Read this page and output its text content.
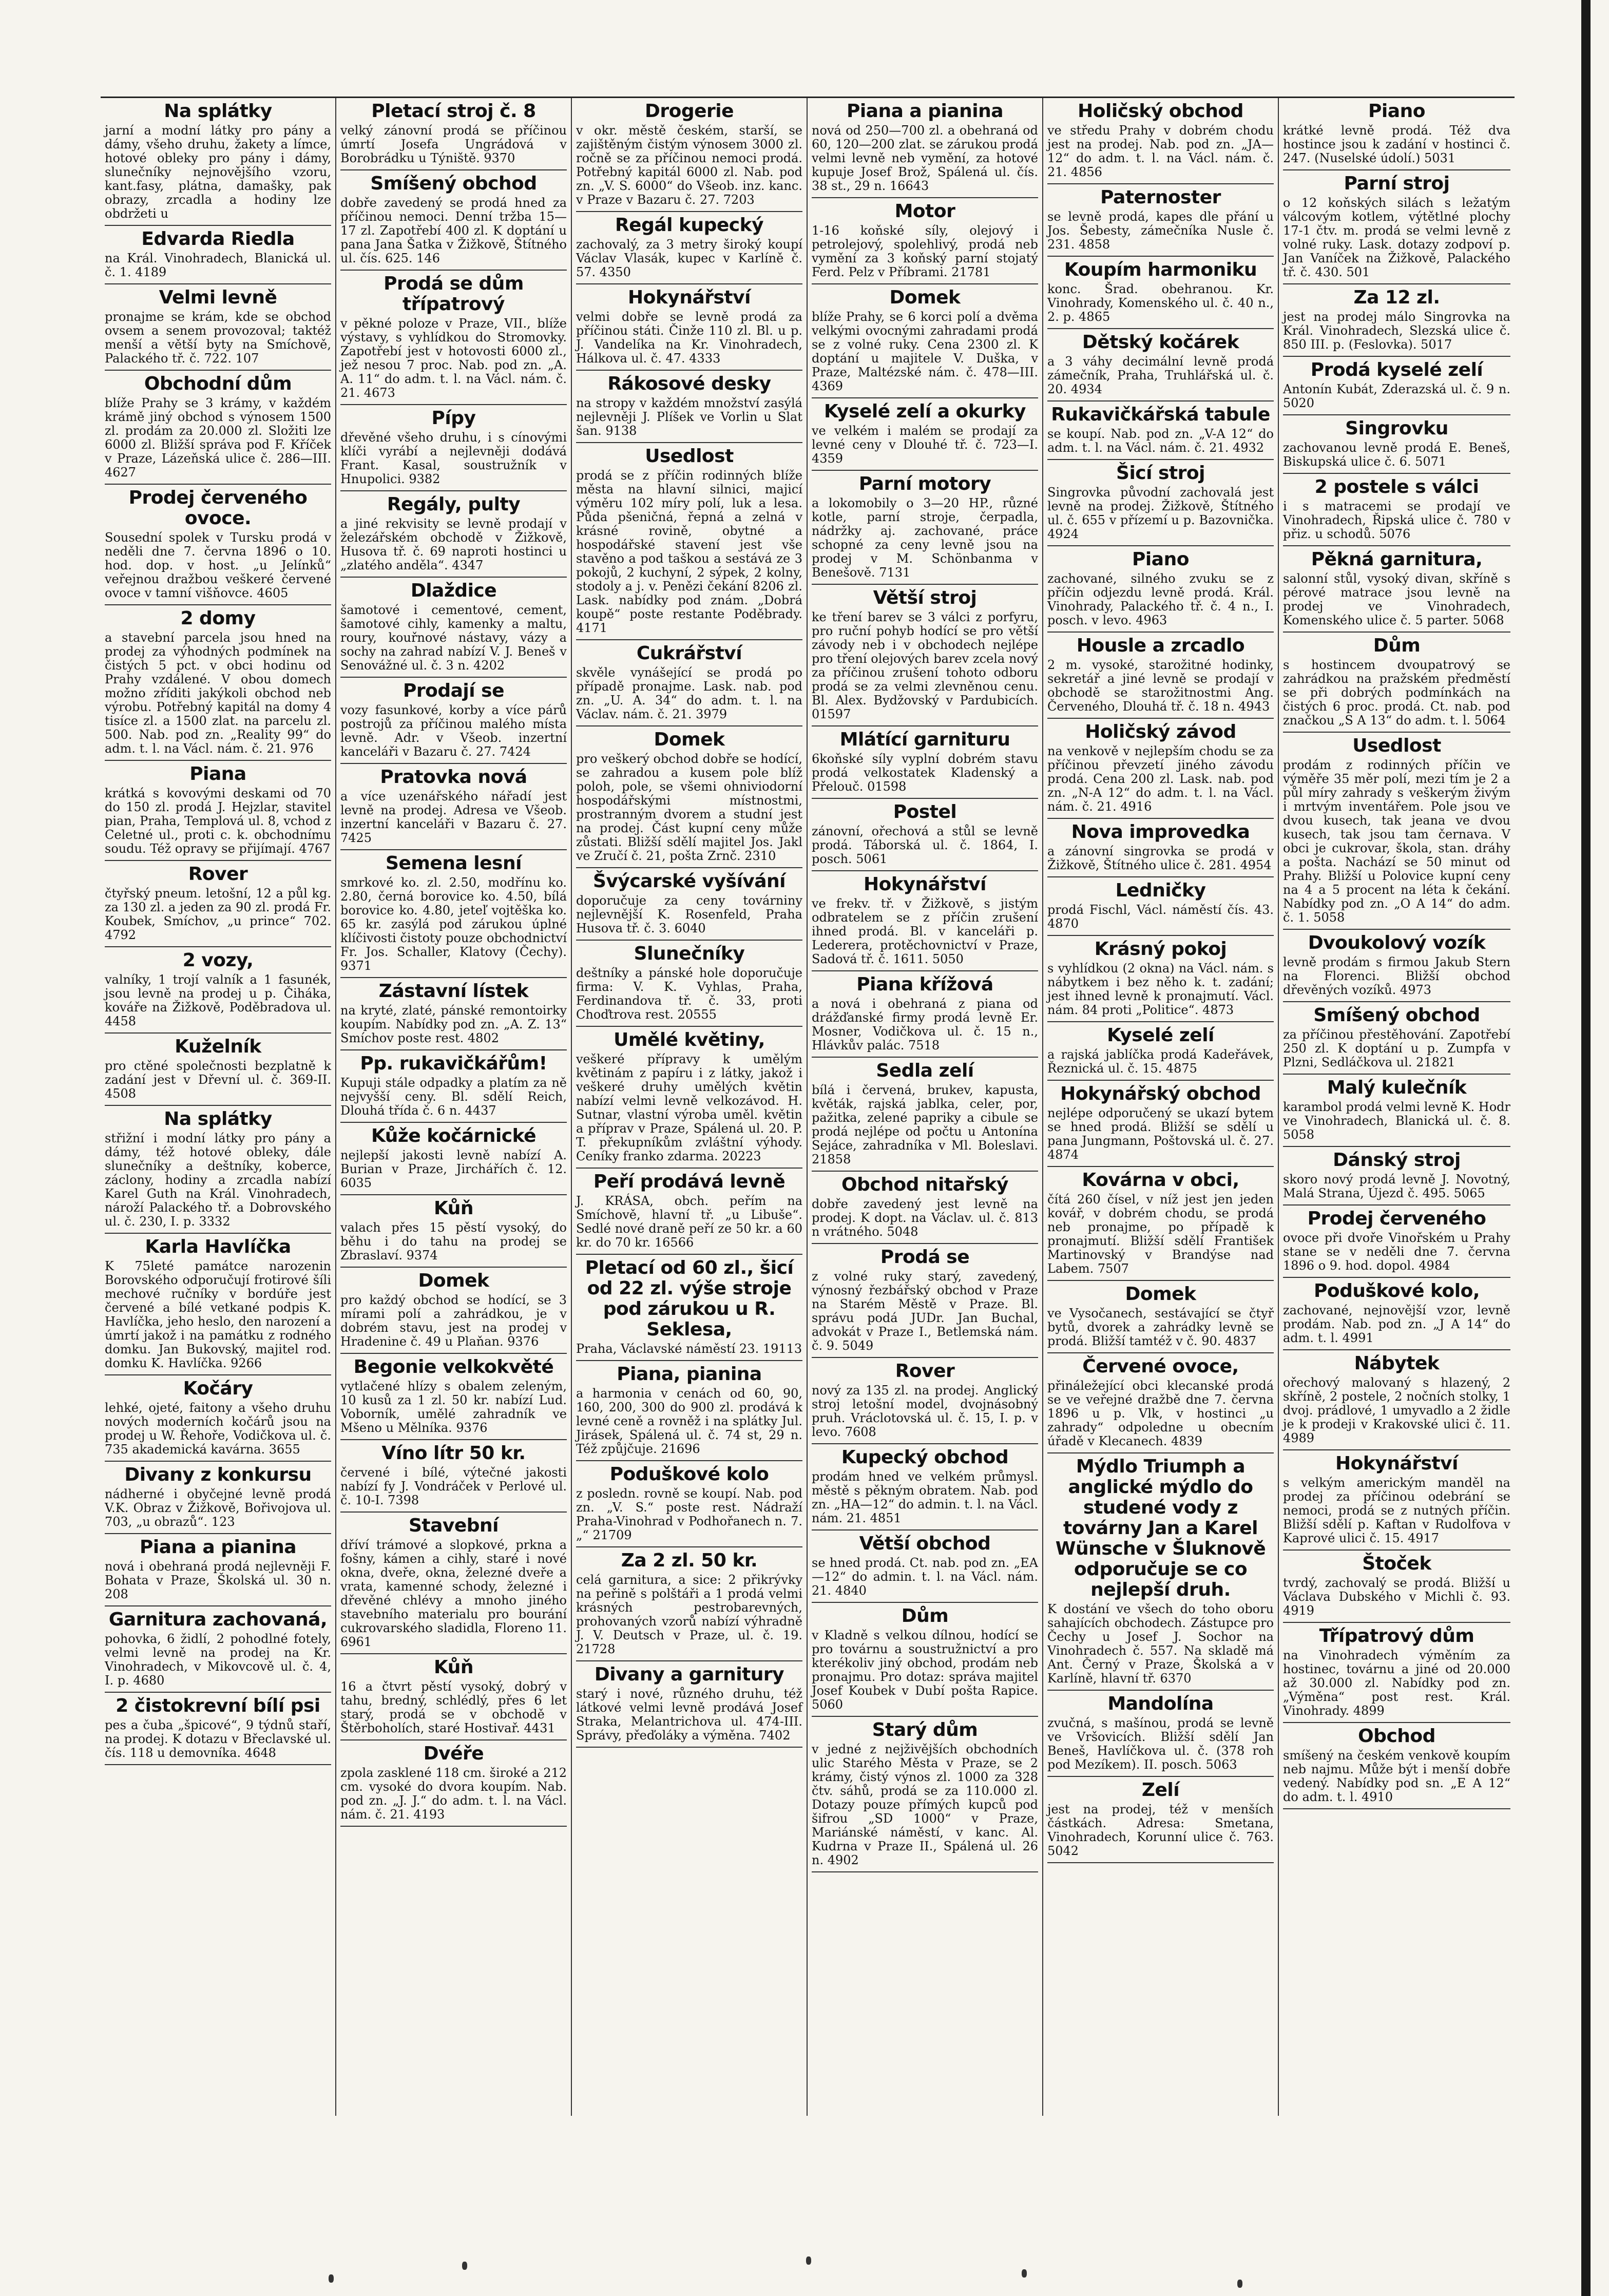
Na splátky

jarní a modní látky pro pány a dámy, všeho druhu, žakety a límce, hotové obleky pro pány i dámy, slunečníky nejnovějšího vzoru, kant.fasy, plátna, damašky, pak obrazy, zrcadla a hodiny lze obdržeti u

Edvarda Riedla

na Král. Vinohradech, Blanická ul. č. 1. 4189

Velmi levně

pronajme se krám, kde se obchod ovsem a senem provozoval; taktéž menší a větší byty na Smíchově, Palackého tř. č. 722. 107

Obchodní dům

blíže Prahy se 3 krámy, v každém krámě jiný obchod s výnosem 1500 zl. prodám za 20.000 zl. Složiti lze 6000 zl. Bližší správa pod F. Kříček v Praze, Lázeňská ulice č. 286—III. 4627

Prodej červeného ovoce.

Sousední spolek v Tursku prodá v neděli dne 7. června 1896 o 10. hod. dop. v host. „u Jelínků“ veřejnou dražbou veškeré červené ovoce v tamní višňovce. 4605

2 domy

a stavební parcela jsou hned na prodej za výhodných podmínek na čistých 5 pct. v obci hodinu od Prahy vzdálené. V obou domech možno zříditi jakýkoli obchod neb výrobu. Potřebný kapitál na domy 4 tisíce zl. a 1500 zlat. na parcelu zl. 500. Nab. pod zn. „Reality 99“ do adm. t. l. na Václ. nám. č. 21. 976

Piana

krátká s kovovými deskami od 70 do 150 zl. prodá J. Hejzlar, stavitel pian, Praha, Templová ul. 8, vchod z Celetné ul., proti c. k. obchodnímu soudu. Též opravy se přijímají. 4767

Rover

čtyřský pneum. letošní, 12 a půl kg. za 130 zl. a jeden za 90 zl. prodá Fr. Koubek, Smíchov, „u prince“ 702. 4792

2 vozy,

valníky, 1 trojí valník a 1 fasunék, jsou levně na prodej u p. Čiháka, kováře na Žižkově, Poděbradova ul. 4458

Kuželník

pro ctěné společnosti bezplatně k zadání jest v Dřevní ul. č. 369-II. 4508

Na splátky

střižní i modní látky pro pány a dámy, též hotové obleky, dále slunečníky a deštníky, koberce, záclony, hodiny a zrcadla nabízí Karel Guth na Král. Vinohradech, nároží Palackého tř. a Dobrovského ul. č. 230, I. p. 3332

Karla Havlíčka

K 75leté památce narozenin Borovského odporučují frotirové šíli mechové ručníky v bordúře jest červené a bílé vetkané podpis K. Havlíčka, jeho heslo, den narození a úmrtí jakož i na památku z rodného domku. Jan Bukovský, majitel rod. domku K. Havlíčka. 9266

Kočáry

lehké, ojeté, faitony a všeho druhu nových moderních kočárů jsou na prodej u W. Řehoře, Vodičkova ul. č. 735 akademická kavárna. 3655

Divany z konkursu

nádherné i obyčejné levně prodá V.K. Obraz v Žižkově, Bořivojova ul. 703, „u obrazů“. 123

Piana a pianina

nová i obehraná prodá nejlevněji F. Bohata v Praze, Školská ul. 30 n. 208

Garnitura zachovaná,

pohovka, 6 židlí, 2 pohodlné fotely, velmi levně na prodej na Kr. Vinohradech, v Mikovcově ul. č. 4, I. p. 4680

2 čistokrevní bílí psi

pes a čuba „špicové“, 9 týdnů staří, na prodej. K dotazu v Břeclavské ul. čís. 118 u demovníka. 4648

Pletací stroj č. 8

velký zánovní prodá se příčinou úmrtí Josefa Ungrádová v Borobrádku u Týniště. 9370

Smíšený obchod

dobře zavedený se prodá hned za příčinou nemoci. Denní tržba 15—17 zl. Zapotřebí 400 zl. K doptání u pana Jana Šatka v Žižkově, Štítného ul. čís. 625. 146

Prodá se dům třípatrový

v pěkné poloze v Praze, VII., blíže výstavy, s vyhlídkou do Stromovky. Zapotřebí jest v hotovosti 6000 zl., jež nesou 7 proc. Nab. pod zn. „A. A. 11“ do adm. t. l. na Václ. nám. č. 21. 4673

Pípy

dřevěné všeho druhu, i s cínovými klíči vyrábí a nejlevněji dodává Frant. Kasal, soustružník v Hnupolici. 9382

Regály, pulty

a jiné rekvisity se levně prodají v železářském obchodě v Žižkově, Husova tř. č. 69 naproti hostinci u „zlatého anděla“. 4347

Dlaždice

šamotové i cementové, cement, šamotové cihly, kamenky a maltu, roury, kouřnové nástavy, vázy a sochy na zahrad nabízí V. J. Beneš v Senovážné ul. č. 3 n. 4202

Prodají se

vozy fasunkové, korby a více párů postrojů za příčinou malého místa levně. Adr. v Všeob. inzertní kanceláři v Bazaru č. 27. 7424

Pratovka nová

a více uzenářského nářadí jest levně na prodej. Adresa ve Všeob. inzertní kanceláři v Bazaru č. 27. 7425

Semena lesní

smrkové ko. zl. 2.50, modřínu ko. 2.80, černá borovice ko. 4.50, bílá borovice ko. 4.80, jeteľ vojtěška ko. 65 kr. zasýlá pod zárukou úplné klíčivosti čistoty pouze obchodnictví Fr. Jos. Schaller, Klatovy (Čechy). 9371

Zástavní lístek

na kryté, zlaté, pánské remontoirky koupím. Nabídky pod zn. „A. Z. 13“ Smíchov poste rest. 4802

Pp. rukavičkářům!

Kupuji stále odpadky a platím za ně nejvyšší ceny. Bl. sdělí Reich, Dlouhá třída č. 6 n. 4437

Kůže kočárnické

nejlepší jakosti levně nabízí A. Burian v Praze, Jirchářích č. 12. 6035

Kůň

valach přes 15 pěstí vysoký, do běhu i do tahu na prodej se Zbraslaví. 9374

Domek

pro každý obchod se hodící, se 3 mírami polí a zahrádkou, je v dobrém stavu, jest na prodej v Hradenine č. 49 u Plaňan. 9376

Begonie velkokvěté

vytlačené hlízy s obalem zeleným, 10 kusů za 1 zl. 50 kr. nabízí Lud. Voborník, umělé zahradník ve Mšeno u Mělníka. 9376

Víno lítr 50 kr.

červené i bílé, výtečné jakosti nabízí fy J. Vondráček v Perlové ul. č. 10-I. 7398

Stavební

dříví trámové a slopkové, prkna a fošny, kámen a cihly, staré i nové okna, dveře, okna, železné dveře a vrata, kamenné schody, železné i dřevěné chlévy a mnoho jiného stavebního materialu pro bourání cukrovarského sladidla, Floreno 11. 6961

Kůň

16 a čtvrt pěstí vysoký, dobrý v tahu, bredný, schlédlý, přes 6 let starý, prodá se v obchodě v Štěrboholích, staré Hostivař. 4431

Dvéře

zpola zasklené 118 cm. široké a 212 cm. vysoké do dvora koupím. Nab. pod zn. „J. J.“ do adm. t. l. na Václ. nám. č. 21. 4193

Drogerie

v okr. městě českém, starší, se zajištěným čistým výnosem 3000 zl. ročně se za příčinou nemoci prodá. Potřebný kapitál 6000 zl. Nab. pod zn. „V. S. 6000“ do Všeob. inz. kanc. v Praze v Bazaru č. 27. 7203

Regál kupecký

zachovalý, za 3 metry široký koupí Václav Vlasák, kupec v Karlíně č. 57. 4350

Hokynářství

velmi dobře se levně prodá za příčinou státi. Činže 110 zl. Bl. u p. J. Vandelíka na Kr. Vinohradech, Hálkova ul. č. 47. 4333

Rákosové desky

na stropy v každém množství zasýlá nejlevněji J. Plíšek ve Vorlin u Slat šan. 9138

Usedlost

prodá se z příčin rodinných blíže města na hlavní silnici, majicí výměru 102 míry polí, luk a lesa. Půda pšeničná, řepná a zelná v krásné rovině, obytné a hospodářské stavení jest vše stavěno a pod taškou a sestává ze 3 pokojů, 2 kuchyní, 2 sýpek, 2 kolny, stodoly a j. v. Penězi čekání 8206 zl. Lask. nabídky pod znám. „Dobrá koupě“ poste restante Poděbrady. 4171

Cukrářství

skvěle vynášející se prodá po případě pronajme. Lask. nab. pod zn. „U. A. 34“ do adm. t. l. na Václav. nám. č. 21. 3979

Domek

pro veškerý obchod dobře se hodící, se zahradou a kusem pole blíž poloh, pole, se všemi ohniviodorní hospodářskými místnostmi, prostranným dvorem a studní jest na prodej. Část kupní ceny může zůstati. Bližší sdělí majitel Jos. Jakl ve Zručí č. 21, pošta Zrnč. 2310

Švýcarské vyšívání

doporučuje za ceny továrniny nejlevnější K. Rosenfeld, Praha Husova tř. č. 3. 6040

Slunečníky

deštníky a pánské hole doporučuje firma: V. K. Vyhlas, Praha, Ferdinandova tř. č. 33, proti Choďtrova rest. 20555

Umělé květiny,

veškeré přípravy k umělým květinám z papíru i z látky, jakož i veškeré druhy umělých květin nabízí velmi levně velkozávod. H. Sutnar, vlastní výroba uměl. květin a příprav v Praze, Spálená ul. 20. P. T. překupníkům zvláštní výhody. Ceníky franko zdarma. 20223

Peří prodává levně

J. KRÁSA, obch. peřím na Smíchově, hlavní tř. „u Libuše“. Sedlé nové draně peří ze 50 kr. a 60 kr. do 70 kr. 16566

Pletací od 60 zl., šicí od 22 zl. výše stroje pod zárukou u R. Seklesa,

Praha, Václavské náměstí 23. 19113

Piana, pianina

a harmonia v cenách od 60, 90, 160, 200, 300 do 900 zl. prodává k levné ceně a rovněž i na splátky Jul. Jirásek, Spálená ul. č. 74 st, 29 n. Též způjčuje. 21696

Poduškové kolo

z posledn. rovně se koupí. Nab. pod zn. „V. S.“ poste rest. Nádraží Praha-Vinohrad v Podhořanech n. 7. „“ 21709

Za 2 zl. 50 kr.

celá garnitura, a sice: 2 přikrývky na peřině s polštáři a 1 prodá velmi krásných pestrobarevných, prohovaných vzorů nabízí výhradně J. V. Deutsch v Praze, ul. č. 19. 21728

Divany a garnitury

starý i nové, různého druhu, též látkové velmi levně prodává Josef Straka, Melantrichova ul. 474-III. Správy, přeďoláky a výměna. 7402

Piana a pianina

nová od 250—700 zl. a obehraná od 60, 120—200 zlat. se zárukou prodá velmi levně neb vymění, za hotové kupuje Josef Brož, Spálená ul. čís. 38 st., 29 n. 16643

Motor

1-16 koňské síly, olejový i petrolejový, spolehlivý, prodá neb vymění za 3 koňský parní stojatý Ferd. Pelz v Příbrami. 21781

Domek

blíže Prahy, se 6 korci polí a dvěma velkými ovocnými zahradami prodá se z volné ruky. Cena 2300 zl. K doptání u majitele V. Duška, v Praze, Maltézské nám. č. 478—III. 4369

Kyselé zelí a okurky

ve velkém i malém se prodají za levné ceny v Dlouhé tř. č. 723—I. 4359

Parní motory

a lokomobily o 3—20 HP., různé kotle, parní stroje, čerpadla, nádržky aj. zachované, práce schopné za ceny levně jsou na prodej v M. Schönbanma v Benešově. 7131

Větší stroj

ke tření barev se 3 válci z porfyru, pro ruční pohyb hodící se pro větší závody neb i v obchodech nejlépe pro tření olejových barev zcela nový za příčinou zrušení tohoto odboru prodá se za velmi zlevněnou cenu. Bl. Alex. Bydžovský v Pardubicích. 01597

Mlátící garnituru

6koňské síly vyplní dobrém stavu prodá velkostatek Kladenský a Přelouč. 01598

Postel

zánovní, ořechová a stůl se levně prodá. Táborská ul. č. 1864, I. posch. 5061

Hokynářství

ve frekv. tř. v Žižkově, s jistým odbratelem se z příčin zrušení ihned prodá. Bl. v kanceláři p. Lederera, protěchovnictví v Praze, Sadová tř. č. 1611. 5050

Piana křížová

a nová i obehraná z piana od drážďanské firmy prodá levně Er. Mosner, Vodičkova ul. č. 15 n., Hlávkův palác. 7518

Sedla zelí

bílá i červená, brukev, kapusta, květák, rajská jablka, celer, por, pažitka, zelené papriky a cibule se prodá nejlépe od počtu u Antonína Sejáce, zahradníka v Ml. Boleslavi. 21858

Obchod nitařský

dobře zavedený jest levně na prodej. K dopt. na Václav. ul. č. 813 n vrátného. 5048

Prodá se

z volné ruky starý, zavedený, výnosný řezbářský obchod v Praze na Starém Městě v Praze. Bl. správu podá JUDr. Jan Buchal, advokát v Praze I., Betlemská nám. č. 9. 5049

Rover

nový za 135 zl. na prodej. Anglický stroj letošní model, dvojnásobný pruh. Vráclotovská ul. č. 15, I. p. v levo. 7608

Kupecký obchod

prodám hned ve velkém průmysl. městě s pěkným obratem. Nab. pod zn. „HA—12“ do admin. t. l. na Václ. nám. 21. 4851

Větší obchod

se hned prodá. Ct. nab. pod zn. „EA—12“ do admin. t. l. na Václ. nám. 21. 4840

Dům

v Kladně s velkou dílnou, hodící se pro továrnu a soustružnictví a pro kterékoliv jiný obchod, prodám neb pronajmu. Pro dotaz: správa majitel Josef Koubek v Dubí pošta Rapice. 5060

Starý dům

v jedné z nejživějších obchodních ulic Starého Města v Praze, se 2 krámy, čistý výnos zl. 1000 za 328 čtv. sáhů, prodá se za 110.000 zl. Dotazy pouze přímých kupců pod šifrou „SD 1000“ v Praze, Mariánské náměstí, v kanc. Al. Kudrna v Praze II., Spálená ul. 26 n. 4902

Holičský obchod

ve středu Prahy v dobrém chodu jest na prodej. Nab. pod zn. „JA—12“ do adm. t. l. na Václ. nám. č. 21. 4856

Paternoster

se levně prodá, kapes dle přání u Jos. Šebesty, zámečníka Nusle č. 231. 4858

Koupím harmoniku

konc. Šrad. obehranou. Kr. Vinohrady, Komenského ul. č. 40 n., 2. p. 4865

Dětský kočárek

a 3 váhy decimální levně prodá zámečník, Praha, Truhlářská ul. č. 20. 4934

Rukavičkářská tabule

se koupí. Nab. pod zn. „V-A 12“ do adm. t. l. na Václ. nám. č. 21. 4932

Šicí stroj

Singrovka původní zachovalá jest levně na prodej. Žižkově, Štítného ul. č. 655 v přízemí u p. Bazovnička. 4924

Piano

zachované, silného zvuku se z příčin odjezdu levně prodá. Král. Vinohrady, Palackého tř. č. 4 n., I. posch. v levo. 4963

Housle a zrcadlo

2 m. vysoké, starožitné hodinky, sekretář a jiné levně se prodají v obchodě se starožitnostmi Ang. Červeného, Dlouhá tř. č. 18 n. 4943

Holičský závod

na venkově v nejlepším chodu se za příčinou převzetí jiného závodu prodá. Cena 200 zl. Lask. nab. pod zn. „N-A 12“ do adm. t. l. na Václ. nám. č. 21. 4916

Nova improvedka

a zánovní singrovka se prodá v Žižkově, Štítného ulice č. 281. 4954

Ledničky

prodá Fischl, Václ. náměstí čís. 43. 4870

Krásný pokoj

s vyhlídkou (2 okna) na Václ. nám. s nábytkem i bez něho k. t. zadání; jest ihned levně k pronajmutí. Václ. nám. 84 proti „Politice“. 4873

Kyselé zelí

a rajská jablíčka prodá Kadeřávek, Řeznická ul. č. 15. 4875

Hokynářský obchod

nejlépe odporučený se ukazí bytem se hned prodá. Bližší se sdělí u pana Jungmann, Poštovská ul. č. 27. 4874

Kovárna v obci,

čítá 260 čísel, v níž jest jen jeden kovář, v dobrém chodu, se prodá neb pronajme, po případě k pronajmutí. Bližší sdělí František Martinovský v Brandýse nad Labem. 7507

Domek

ve Vysočanech, sestávající se čtyř bytů, dvorek a zahrádky levně se prodá. Bližší tamtéž v č. 90. 4837

Červené ovoce,

přináležející obci klecanské prodá se ve veřejné dražbě dne 7. června 1896 u p. Vlk, v hostinci „u zahrady“ odpoledne u obecním úřadě v Klecanech. 4839

Mýdlo Triumph a anglické mýdlo do studené vody z továrny Jan a Karel Wünsche v Šluknově odporučuje se co nejlepší druh.

K dostání ve všech do toho oboru sahajících obchodech. Zástupce pro Čechy u Josef J. Sochor na Vinohradech č. 557. Na skladě má Ant. Černý v Praze, Školská a v Karlíně, hlavní tř. 6370

Mandolína

zvučná, s mašínou, prodá se levně ve Vršovicích. Bližší sdělí Jan Beneš, Havlíčkova ul. č. (378 roh pod Mezíkem). II. posch. 5063

Zelí

jest na prodej, též v menších částkách. Adresa: Smetana, Vinohradech, Korunní ulice č. 763. 5042

Piano

krátké levně prodá. Též dva hostince jsou k zadání v hostinci č. 247. (Nuselské údolí.) 5031

Parní stroj

o 12 koňských silách s ležatým válcovým kotlem, výtětlné plochy 17-1 čtv. m. prodá se velmi levně z volné ruky. Lask. dotazy zodpoví p. Jan Vaníček na Žižkově, Palackého tř. č. 430. 501

Za 12 zl.

jest na prodej málo Singrovka na Král. Vinohradech, Slezská ulice č. 850 III. p. (Feslovka). 5017

Prodá kyselé zelí

Antonín Kubát, Zderazská ul. č. 9 n. 5020

Singrovku

zachovanou levně prodá E. Beneš, Biskupská ulice č. 6. 5071

2 postele s válci

i s matracemi se prodají ve Vinohradech, Řipská ulice č. 780 v přiz. u schodů. 5076

Pěkná garnitura,

salonní stůl, vysoký divan, skříně s pérové matrace jsou levně na prodej ve Vinohradech, Komenského ulice č. 5 parter. 5068

Dům

s hostincem dvoupatrový se zahrádkou na pražském předměstí se při dobrých podmínkách na čistých 6 proc. prodá. Ct. nab. pod značkou „S A 13“ do adm. t. l. 5064

Usedlost

prodám z rodinných příčin ve výměře 35 měr polí, mezi tím je 2 a půl míry zahrady s veškerým živým i mrtvým inventářem. Pole jsou ve dvou kusech, tak jeana ve dvou kusech, tak jsou tam černava. V obci je cukrovar, škola, stan. dráhy a pošta. Nachází se 50 minut od Prahy. Bližší u Polovice kupní ceny na 4 a 5 procent na léta k čekání. Nabídky pod zn. „O A 14“ do adm. č. 1. 5058

Dvoukolový vozík

levně prodám s firmou Jakub Stern na Florenci. Bližší obchod dřevěných vozíků. 4973

Smíšený obchod

za příčinou přestěhování. Zapotřebí 250 zl. K doptání u p. Zumpfa v Plzni, Sedláčkova ul. 21821

Malý kulečník

karambol prodá velmi levně K. Hodr ve Vinohradech, Blanická ul. č. 8. 5058

Dánský stroj

skoro nový prodá levně J. Novotný, Malá Strana, Újezd č. 495. 5065

Prodej červeného

ovoce při dvoře Vinořském u Prahy stane se v neděli dne 7. června 1896 o 9. hod. dopol. 4984

Poduškové kolo,

zachované, nejnovější vzor, levně prodám. Nab. pod zn. „J A 14“ do adm. t. l. 4991

Nábytek

ořechový malovaný s hlazený, 2 skříně, 2 postele, 2 nočních stolky, 1 dvoj. prádlové, 1 umyvadlo a 2 židle je k prodeji v Krakovské ulici č. 11. 4989

Hokynářství

s velkým americkým manděl na prodej za příčinou odebrání se nemoci, prodá se z nutných příčin. Bližší sdělí p. Kaftan v Rudolfova v Kaprové ulici č. 15. 4917

Štoček

tvrdý, zachovalý se prodá. Bližší u Václava Dubského v Michli č. 93. 4919

Třípatrový dům

na Vinohradech výměním za hostinec, továrnu a jiné od 20.000 až 30.000 zl. Nabídky pod zn. „Výměna“ post rest. Král. Vinohrady. 4899

Obchod

smíšený na českém venkově koupím neb najmu. Může být i menší dobře vedený. Nabídky pod sn. „E A 12“ do adm. t. l. 4910
